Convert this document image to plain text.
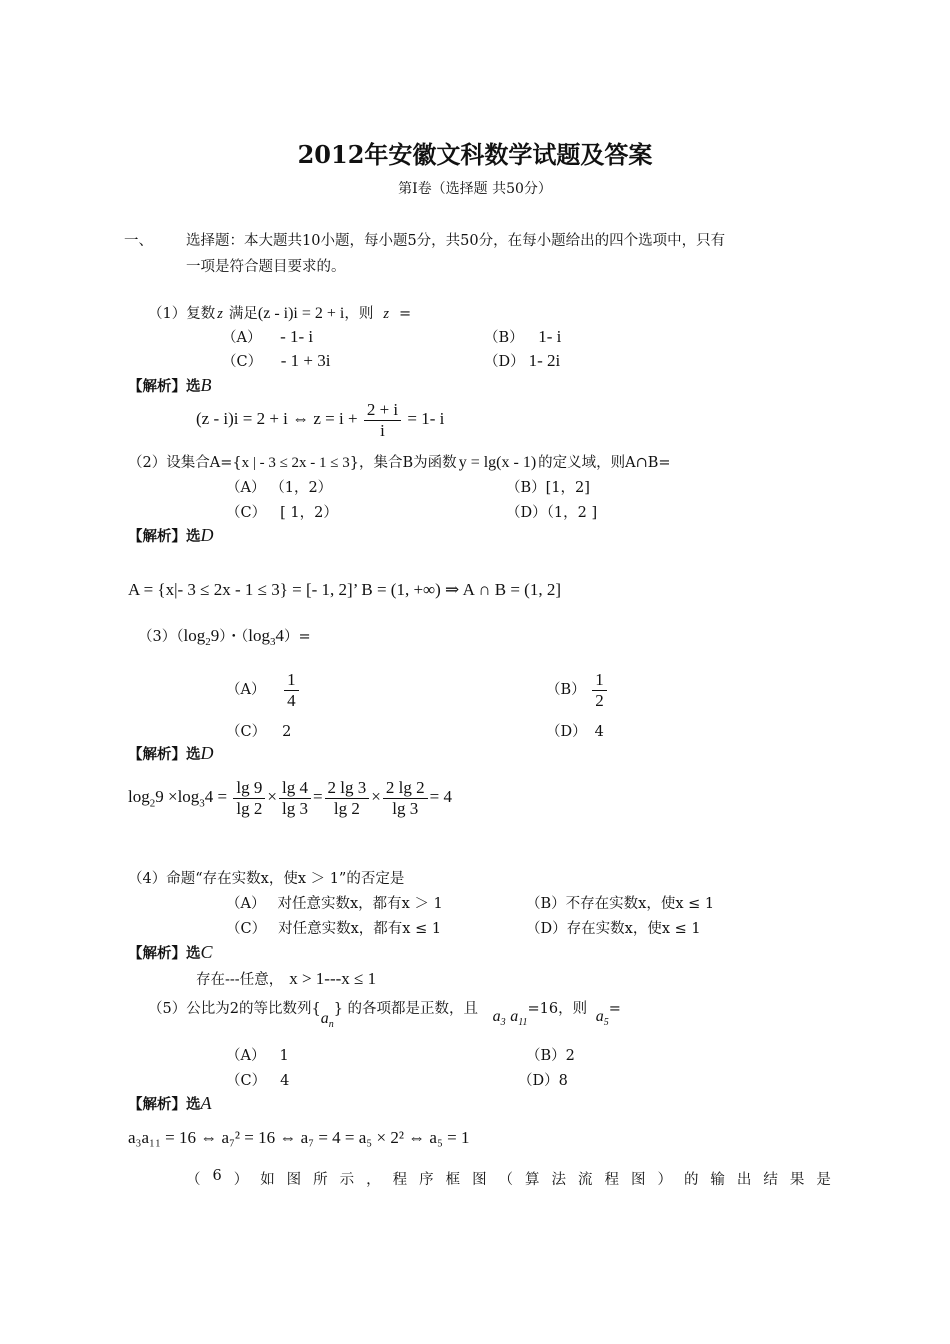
2012年安徽文科数学试题及答案
第Ⅰ卷（选择题 共50分）
一、 选择题：本大题共10小题，每小题5分，共50分，在每小题给出的四个选项中，只有
一项是符合题目要求的。
（1）复数 z 满足(z - i)i = 2 + i，则 z =
（A） - 1- i	（B） 1- i
（C） - 1 + 3i	（D） 1- 2i
【解析】选B
(z - i)i = 2 + i ⇔ $z = i + \frac{2 + i}{i} = 1-$ i
（2）设集合A={x | - 3 ≤ 2x - 1 ≤ 3}，集合B为函数 y = lg(x - 1) 的定义域，则A∩B=
（A） （1，2）	（B）[1，2]
（C） [ 1，2）	（D）（1，2 ]
【解析】选D
A = {x|- 3 ≤ 2x - 1 ≤ 3} = [- 1, 2]’ B = (1, +∞) ⇒ A ∩ B = (1, 2]
$(3)(\log_29)$・$(\log_34)=$
$(A) \frac{1}{4}$	$(B) \frac{1}{2}$
（C） 2	（D） 4
【解析】选D
$\log_29 \times\log_34 = \frac{\lg 9}{\lg 2} \times \frac{\lg 4}{\lg 3} = \frac{2 \lg 3}{\lg 2} \times \frac{2 \lg 2}{\lg 3} = 4$
（4）命题“存在实数x，使x ＞ 1”的否定是
（A） 对任意实数x，都有x ＞ 1	（B）不存在实数x，使x ≤ 1
（C） 对任意实数x，都有x ≤ 1	（D）存在实数x，使x ≤ 1
【解析】选C
存在---任意， x > 1---x ≤ 1
（5）公比为2的等比数列$\{a_n\}$ 的各项都是正数，且 $a_3$ $a_{11}=16$，则 $a_5=$
（A） 1	（B）2
（C） 4	（D）8
【解析】选A
a₃a₁₁ = 16 ⇔ a₇² = 16 ⇔ a₇ = 4 = a₅ × 2² ⇔ a₅ = 1
（ 6 ） 如 图 所 示 ， 程 序 框 图 （ 算 法 流 程 图 ） 的 输 出 结 果 是
